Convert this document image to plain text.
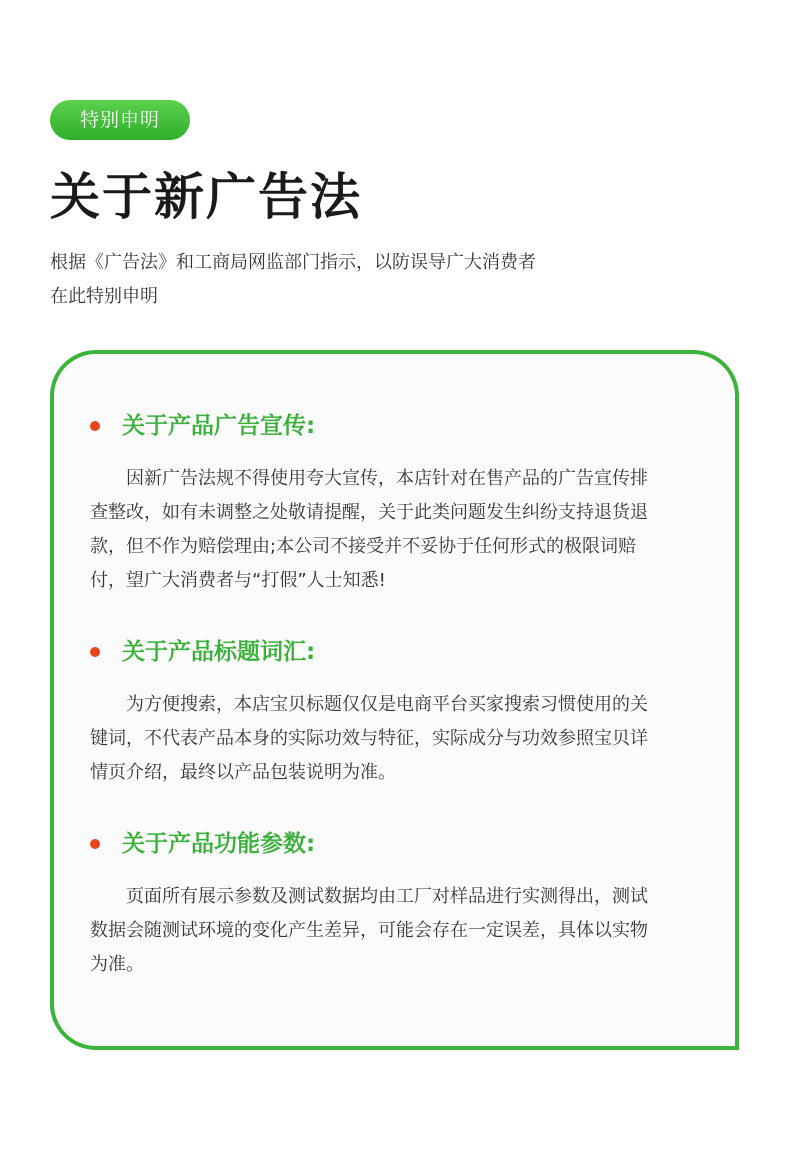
特别申明
关于新广告法
根据《广告法》和工商局网监部门指示，以防误导广大消费者
在此特别申明
关于产品广告宣传:
　　因新广告法规不得使用夸大宣传，本店针对在售产品的广告宣传排
查整改，如有未调整之处敬请提醒，关于此类问题发生纠纷支持退货退
款，但不作为赔偿理由;本公司不接受并不妥协于任何形式的极限词赔
付，望广大消费者与“打假”人士知悉!
关于产品标题词汇:
　　为方便搜索，本店宝贝标题仅仅是电商平台买家搜索习惯使用的关
键词，不代表产品本身的实际功效与特征，实际成分与功效参照宝贝详
情页介绍，最终以产品包装说明为准。
关于产品功能参数:
　　页面所有展示参数及测试数据均由工厂对样品进行实测得出，测试
数据会随测试环境的变化产生差异，可能会存在一定误差，具体以实物
为准。
